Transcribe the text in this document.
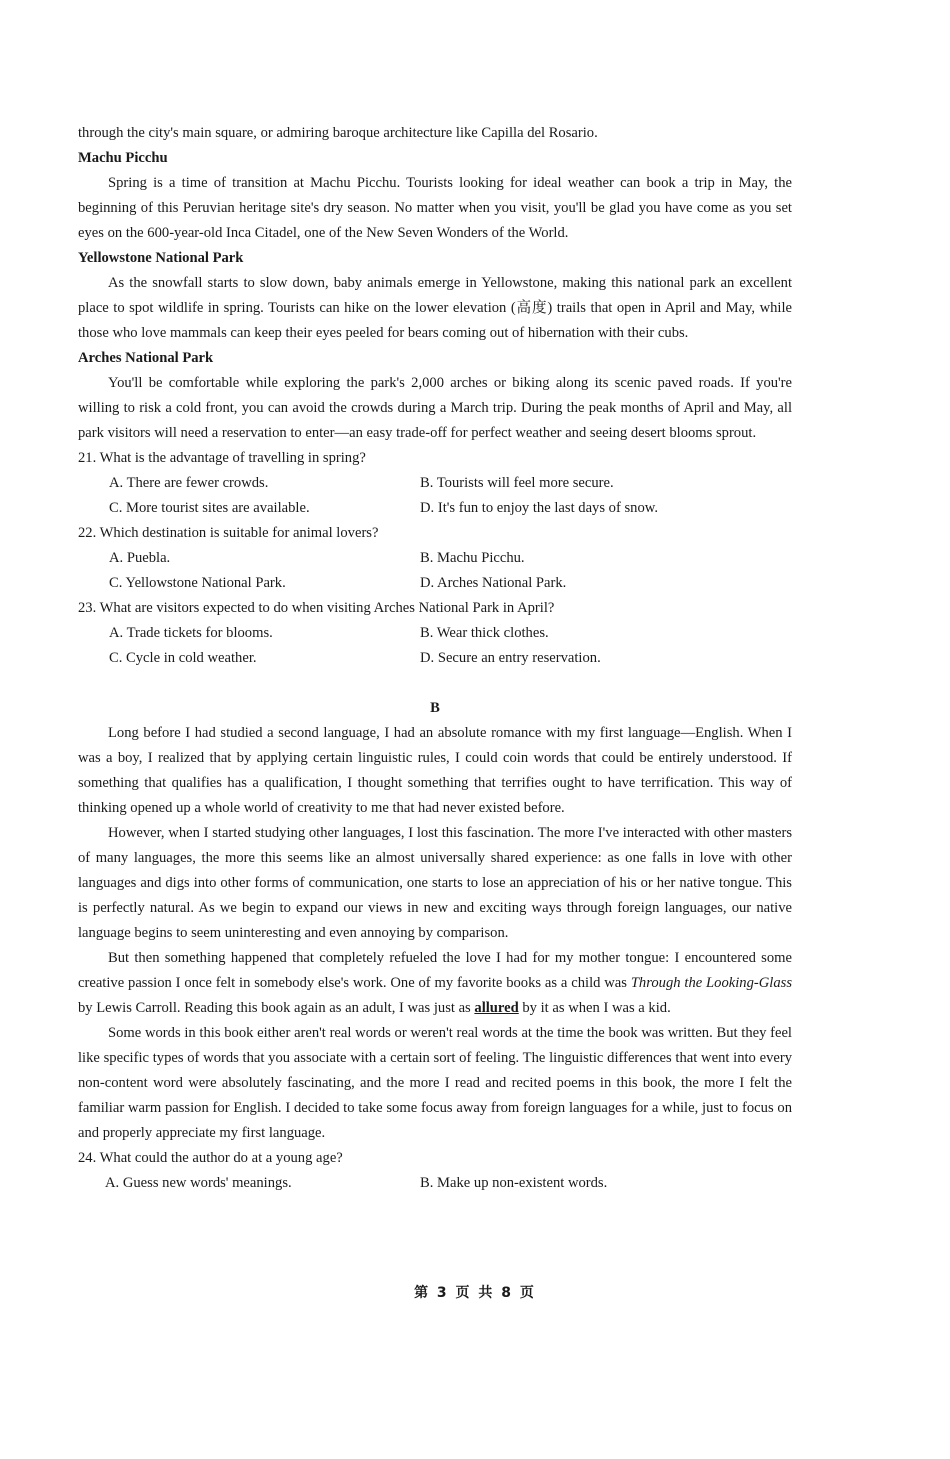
through the city's main square, or admiring baroque architecture like Capilla del Rosario.

Machu Picchu

Spring is a time of transition at Machu Picchu. Tourists looking for ideal weather can book a trip in May, the beginning of this Peruvian heritage site's dry season. No matter when you visit, you'll be glad you have come as you set eyes on the 600-year-old Inca Citadel, one of the New Seven Wonders of the World.

Yellowstone National Park

As the snowfall starts to slow down, baby animals emerge in Yellowstone, making this national park an excellent place to spot wildlife in spring. Tourists can hike on the lower elevation (高度) trails that open in April and May, while those who love mammals can keep their eyes peeled for bears coming out of hibernation with their cubs.

Arches National Park

You'll be comfortable while exploring the park's 2,000 arches or biking along its scenic paved roads. If you're willing to risk a cold front, you can avoid the crowds during a March trip. During the peak months of April and May, all park visitors will need a reservation to enter—an easy trade-off for perfect weather and seeing desert blooms sprout.

21. What is the advantage of travelling in spring?

A. There are fewer crowds.	B. Tourists will feel more secure.
C. More tourist sites are available.	D. It's fun to enjoy the last days of snow.

22. Which destination is suitable for animal lovers?

A. Puebla.	B. Machu Picchu.
C. Yellowstone National Park.	D. Arches National Park.

23. What are visitors expected to do when visiting Arches National Park in April?

A. Trade tickets for blooms.	B. Wear thick clothes.
C. Cycle in cold weather.	D. Secure an entry reservation.

B

Long before I had studied a second language, I had an absolute romance with my first language—English. When I was a boy, I realized that by applying certain linguistic rules, I could coin words that could be entirely understood. If something that qualifies has a qualification, I thought something that terrifies ought to have terrification. This way of thinking opened up a whole world of creativity to me that had never existed before.

However, when I started studying other languages, I lost this fascination. The more I've interacted with other masters of many languages, the more this seems like an almost universally shared experience: as one falls in love with other languages and digs into other forms of communication, one starts to lose an appreciation of his or her native tongue. This is perfectly natural. As we begin to expand our views in new and exciting ways through foreign languages, our native language begins to seem uninteresting and even annoying by comparison.

But then something happened that completely refueled the love I had for my mother tongue: I encountered some creative passion I once felt in somebody else's work. One of my favorite books as a child was Through the Looking-Glass by Lewis Carroll. Reading this book again as an adult, I was just as allured by it as when I was a kid.

Some words in this book either aren't real words or weren't real words at the time the book was written. But they feel like specific types of words that you associate with a certain sort of feeling. The linguistic differences that went into every non-content word were absolutely fascinating, and the more I read and recited poems in this book, the more I felt the familiar warm passion for English. I decided to take some focus away from foreign languages for a while, just to focus on and properly appreciate my first language.

24. What could the author do at a young age?

A. Guess new words' meanings.	B. Make up non-existent words.
第 3 页 共 8 页
